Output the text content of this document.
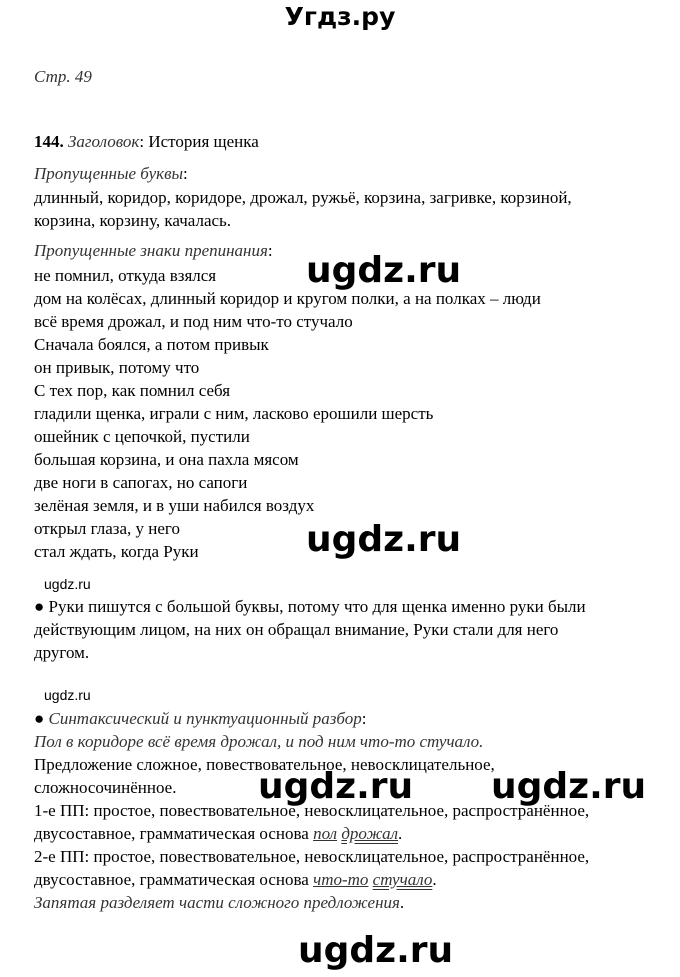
Угдз.ру
Стр. 49
144. Заголовок: История щенка
Пропущенные буквы:
длинный, коридор, коридоре, дрожал, ружьё, корзина, загривке, корзиной,
корзина, корзину, качалась.
Пропущенные знаки препинания:
не помнил, откуда взялся
дом на колёсах, длинный коридор и кругом полки, а на полках – люди
всё время дрожал, и под ним что-то стучало
Сначала боялся, а потом привык
он привык, потому что
С тех пор, как помнил себя
гладили щенка, играли с ним, ласково ерошили шерсть
ошейник с цепочкой, пустили
большая корзина, и она пахла мясом
две ноги в сапогах, но сапоги
зелёная земля, и в уши набился воздух
открыл глаза, у него
стал ждать, когда Руки
ugdz.ru
ugdz.ru
ugdz.ru
● Руки пишутся с большой буквы, потому что для щенка именно руки были
действующим лицом, на них он обращал внимание, Руки стали для него
другом.
ugdz.ru
● Синтаксический и пунктуационный разбор:
Пол в коридоре всё время дрожал, и под ним что-то стучало.
Предложение сложное, повествовательное, невосклицательное,
сложносочинённое.
1-е ПП: простое, повествовательное, невосклицательное, распространённое,
двусоставное, грамматическая основа пол дрожал.
2-е ПП: простое, повествовательное, невосклицательное, распространённое,
двусоставное, грамматическая основа что-то стучало.
Запятая разделяет части сложного предложения.
ugdz.ru ugdz.ru
ugdz.ru
